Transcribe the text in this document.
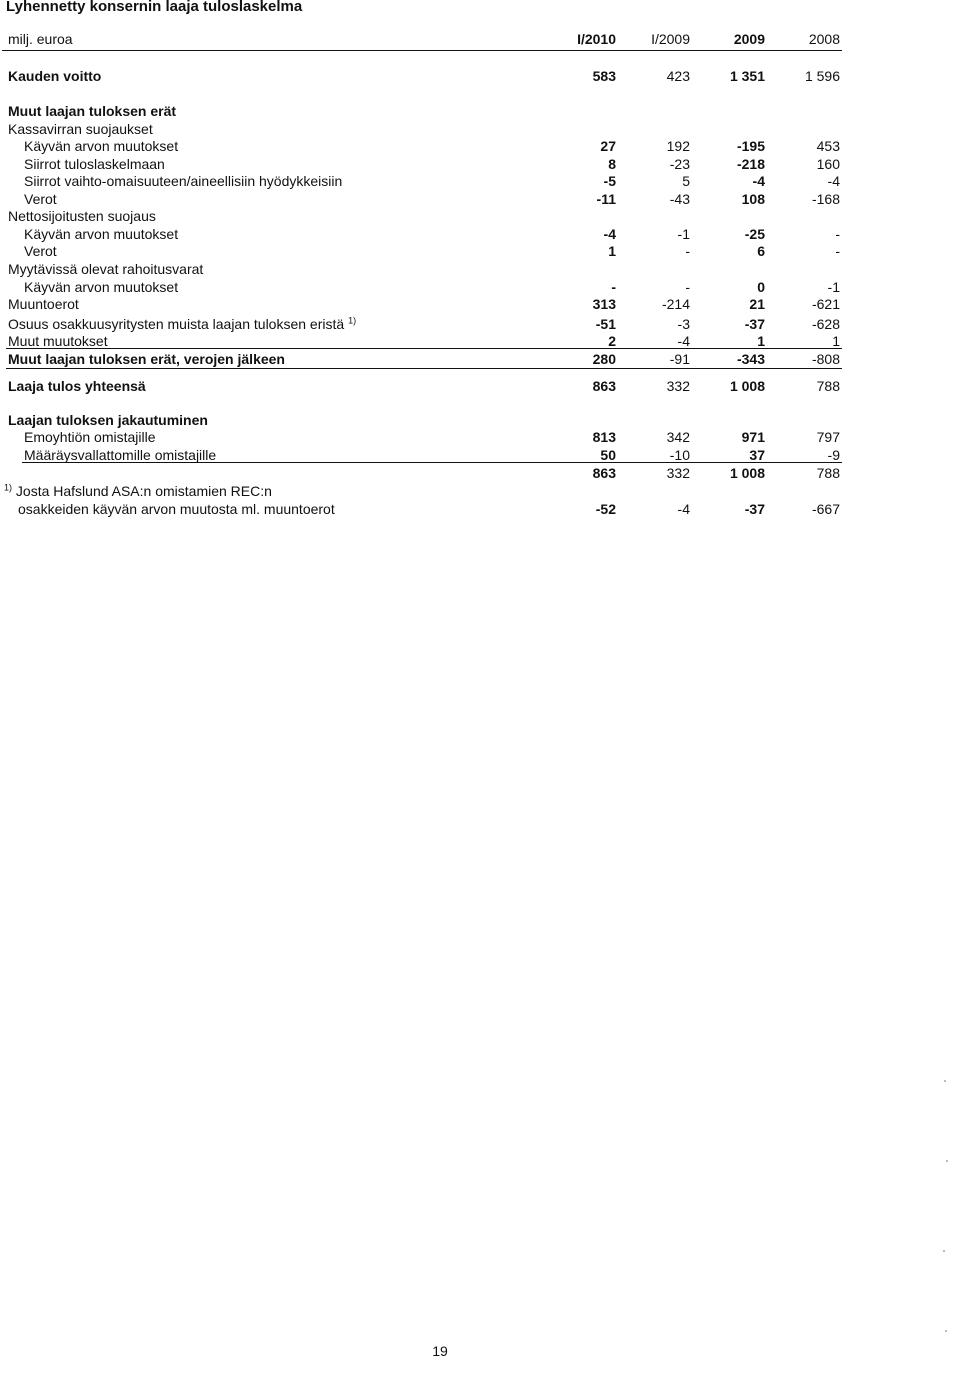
Lyhennetty konsernin laaja tuloslaskelma
milj. euroa	I/2010	I/2009	2009	2008
Kauden voitto	583	423	1 351	1 596
Muut laajan tuloksen erät
Kassavirran suojaukset
Käyvän arvon muutokset	27	192	-195	453
Siirrot tuloslaskelmaan	8	-23	-218	160
Siirrot vaihto-omaisuuteen/aineellisiin hyödykkeisiin	-5	5	-4	-4
Verot	-11	-43	108	-168
Nettosijoitusten suojaus
Käyvän arvon muutokset	-4	-1	-25	-
Verot	1	-	6	-
Myytävissä olevat rahoitusvarat
Käyvän arvon muutokset	-	-	0	-1
Muuntoerot	313	-214	21	-621
Osuus osakkuusyritysten muista laajan tuloksen eristä $^{1)}$	-51	-3	-37	-628
Muut muutokset	2	-4	1	1
Muut laajan tuloksen erät, verojen jälkeen	280	-91	-343	-808
Laaja tulos yhteensä	863	332	1 008	788
Laajan tuloksen jakautuminen
Emoyhtiön omistajille	813	342	971	797
Määräysvallattomille omistajille	50	-10	37	-9
863	332	1 008	788
$^{1)}$ Josta Hafslund ASA:n omistamien REC:n
osakkeiden käyvän arvon muutosta ml. muuntoerot	-52	-4	-37	-667
19
